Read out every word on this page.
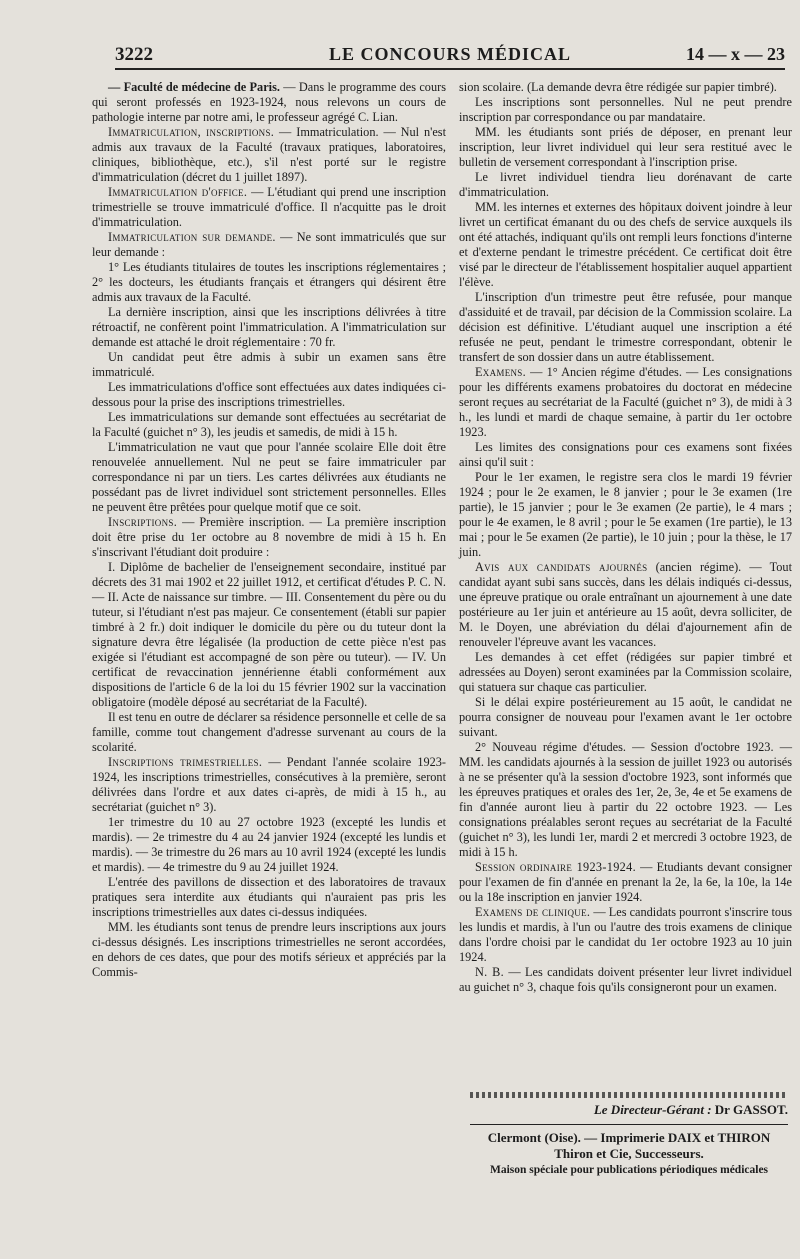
3222	LE CONCOURS MÉDICAL	14 — x — 23

— Faculté de médecine de Paris. — Dans le programme des cours qui seront professés en 1923-1924, nous relevons un cours de pathologie interne par notre ami, le professeur agrégé C. Lian.

Immatriculation, inscriptions. — Immatriculation. — Nul n'est admis aux travaux de la Faculté (travaux pratiques, laboratoires, cliniques, bibliothèque, etc.), s'il n'est porté sur le registre d'immatriculation (décret du 1 juillet 1897).

Immatriculation d'office. — L'étudiant qui prend une inscription trimestrielle se trouve immatriculé d'office. Il n'acquitte pas le droit d'immatriculation.

Immatriculation sur demande. — Ne sont immatriculés que sur leur demande :

1° Les étudiants titulaires de toutes les inscriptions réglementaires ; 2° les docteurs, les étudiants français et étrangers qui désirent être admis aux travaux de la Faculté.

La dernière inscription, ainsi que les inscriptions délivrées à titre rétroactif, ne confèrent point l'immatriculation. A l'immatriculation sur demande est attaché le droit réglementaire : 70 fr.

Un candidat peut être admis à subir un examen sans être immatriculé.

Les immatriculations d'office sont effectuées aux dates indiquées ci-dessous pour la prise des inscriptions trimestrielles.

Les immatriculations sur demande sont effectuées au secrétariat de la Faculté (guichet n° 3), les jeudis et samedis, de midi à 15 h.

L'immatriculation ne vaut que pour l'année scolaire Elle doit être renouvelée annuellement. Nul ne peut se faire immatriculer par correspondance ni par un tiers. Les cartes délivrées aux étudiants ne possédant pas de livret individuel sont strictement personnelles. Elles ne peuvent être prêtées pour quelque motif que ce soit.

Inscriptions. — Première inscription. — La première inscription doit être prise du 1er octobre au 8 novembre de midi à 15 h. En s'inscrivant l'étudiant doit produire :

I. Diplôme de bachelier de l'enseignement secondaire, institué par décrets des 31 mai 1902 et 22 juillet 1912, et certificat d'études P. C. N. — II. Acte de naissance sur timbre. — III. Consentement du père ou du tuteur, si l'étudiant n'est pas majeur. Ce consentement (établi sur papier timbré à 2 fr.) doit indiquer le domicile du père ou du tuteur dont la signature devra être légalisée (la production de cette pièce n'est pas exigée si l'étudiant est accompagné de son père ou tuteur). — IV. Un certificat de revaccination jennérienne établi conformément aux dispositions de l'article 6 de la loi du 15 février 1902 sur la vaccination obligatoire (modèle déposé au secrétariat de la Faculté).

Il est tenu en outre de déclarer sa résidence personnelle et celle de sa famille, comme tout changement d'adresse survenant au cours de la scolarité.

Inscriptions trimestrielles. — Pendant l'année scolaire 1923-1924, les inscriptions trimestrielles, consécutives à la première, seront délivrées dans l'ordre et aux dates ci-après, de midi à 15 h., au secrétariat (guichet n° 3).

1er trimestre du 10 au 27 octobre 1923 (excepté les lundis et mardis). — 2e trimestre du 4 au 24 janvier 1924 (excepté les lundis et mardis). — 3e trimestre du 26 mars au 10 avril 1924 (excepté les lundis et mardis). — 4e trimestre du 9 au 24 juillet 1924.

L'entrée des pavillons de dissection et des laboratoires de travaux pratiques sera interdite aux étudiants qui n'auraient pas pris les inscriptions trimestrielles aux dates ci-dessus indiquées.

MM. les étudiants sont tenus de prendre leurs inscriptions aux jours ci-dessus désignés. Les inscriptions trimestrielles ne seront accordées, en dehors de ces dates, que pour des motifs sérieux et appréciés par la Commis-

sion scolaire. (La demande devra être rédigée sur papier timbré).

Les inscriptions sont personnelles. Nul ne peut prendre inscription par correspondance ou par mandataire.

MM. les étudiants sont priés de déposer, en prenant leur inscription, leur livret individuel qui leur sera restitué avec le bulletin de versement correspondant à l'inscription prise.

Le livret individuel tiendra lieu dorénavant de carte d'immatriculation.

MM. les internes et externes des hôpitaux doivent joindre à leur livret un certificat émanant du ou des chefs de service auxquels ils ont été attachés, indiquant qu'ils ont rempli leurs fonctions d'interne et d'externe pendant le trimestre précédent. Ce certificat doit être visé par le directeur de l'établissement hospitalier auquel appartient l'élève.

L'inscription d'un trimestre peut être refusée, pour manque d'assiduité et de travail, par décision de la Commission scolaire. La décision est définitive. L'étudiant auquel une inscription a été refusée ne peut, pendant le trimestre correspondant, obtenir le transfert de son dossier dans un autre établissement.

Examens. — 1° Ancien régime d'études. — Les consignations pour les différents examens probatoires du doctorat en médecine seront reçues au secrétariat de la Faculté (guichet n° 3), de midi à 3 h., les lundi et mardi de chaque semaine, à partir du 1er octobre 1923.

Les limites des consignations pour ces examens sont fixées ainsi qu'il suit :

Pour le 1er examen, le registre sera clos le mardi 19 février 1924 ; pour le 2e examen, le 8 janvier ; pour le 3e examen (1re partie), le 15 janvier ; pour le 3e examen (2e partie), le 4 mars ; pour le 4e examen, le 8 avril ; pour le 5e examen (1re partie), le 13 mai ; pour le 5e examen (2e partie), le 10 juin ; pour la thèse, le 17 juin.

Avis aux candidats ajournés (ancien régime). — Tout candidat ayant subi sans succès, dans les délais indiqués ci-dessus, une épreuve pratique ou orale entraînant un ajournement à une date postérieure au 1er juin et antérieure au 15 août, devra solliciter, de M. le Doyen, une abréviation du délai d'ajournement afin de renouveler l'épreuve avant les vacances.

Les demandes à cet effet (rédigées sur papier timbré et adressées au Doyen) seront examinées par la Commission scolaire, qui statuera sur chaque cas particulier.

Si le délai expire postérieurement au 15 août, le candidat ne pourra consigner de nouveau pour l'examen avant le 1er octobre suivant.

2° Nouveau régime d'études. — Session d'octobre 1923. — MM. les candidats ajournés à la session de juillet 1923 ou autorisés à ne se présenter qu'à la session d'octobre 1923, sont informés que les épreuves pratiques et orales des 1er, 2e, 3e, 4e et 5e examens de fin d'année auront lieu à partir du 22 octobre 1923. — Les consignations préalables seront reçues au secrétariat de la Faculté (guichet n° 3), les lundi 1er, mardi 2 et mercredi 3 octobre 1923, de midi à 15 h.

Session ordinaire 1923-1924. — Etudiants devant consigner pour l'examen de fin d'année en prenant la 2e, la 6e, la 10e, la 14e ou la 18e inscription en janvier 1924.

Examens de clinique. — Les candidats pourront s'inscrire tous les lundis et mardis, à l'un ou l'autre des trois examens de clinique dans l'ordre choisi par le candidat du 1er octobre 1923 au 10 juin 1924.

N. B. — Les candidats doivent présenter leur livret individuel au guichet n° 3, chaque fois qu'ils consigneront pour un examen.

Le Directeur-Gérant : Dr GASSOT.
Clermont (Oise). — Imprimerie DAIX et THIRON
Thiron et Cie, Successeurs.
Maison spéciale pour publications périodiques médicales
